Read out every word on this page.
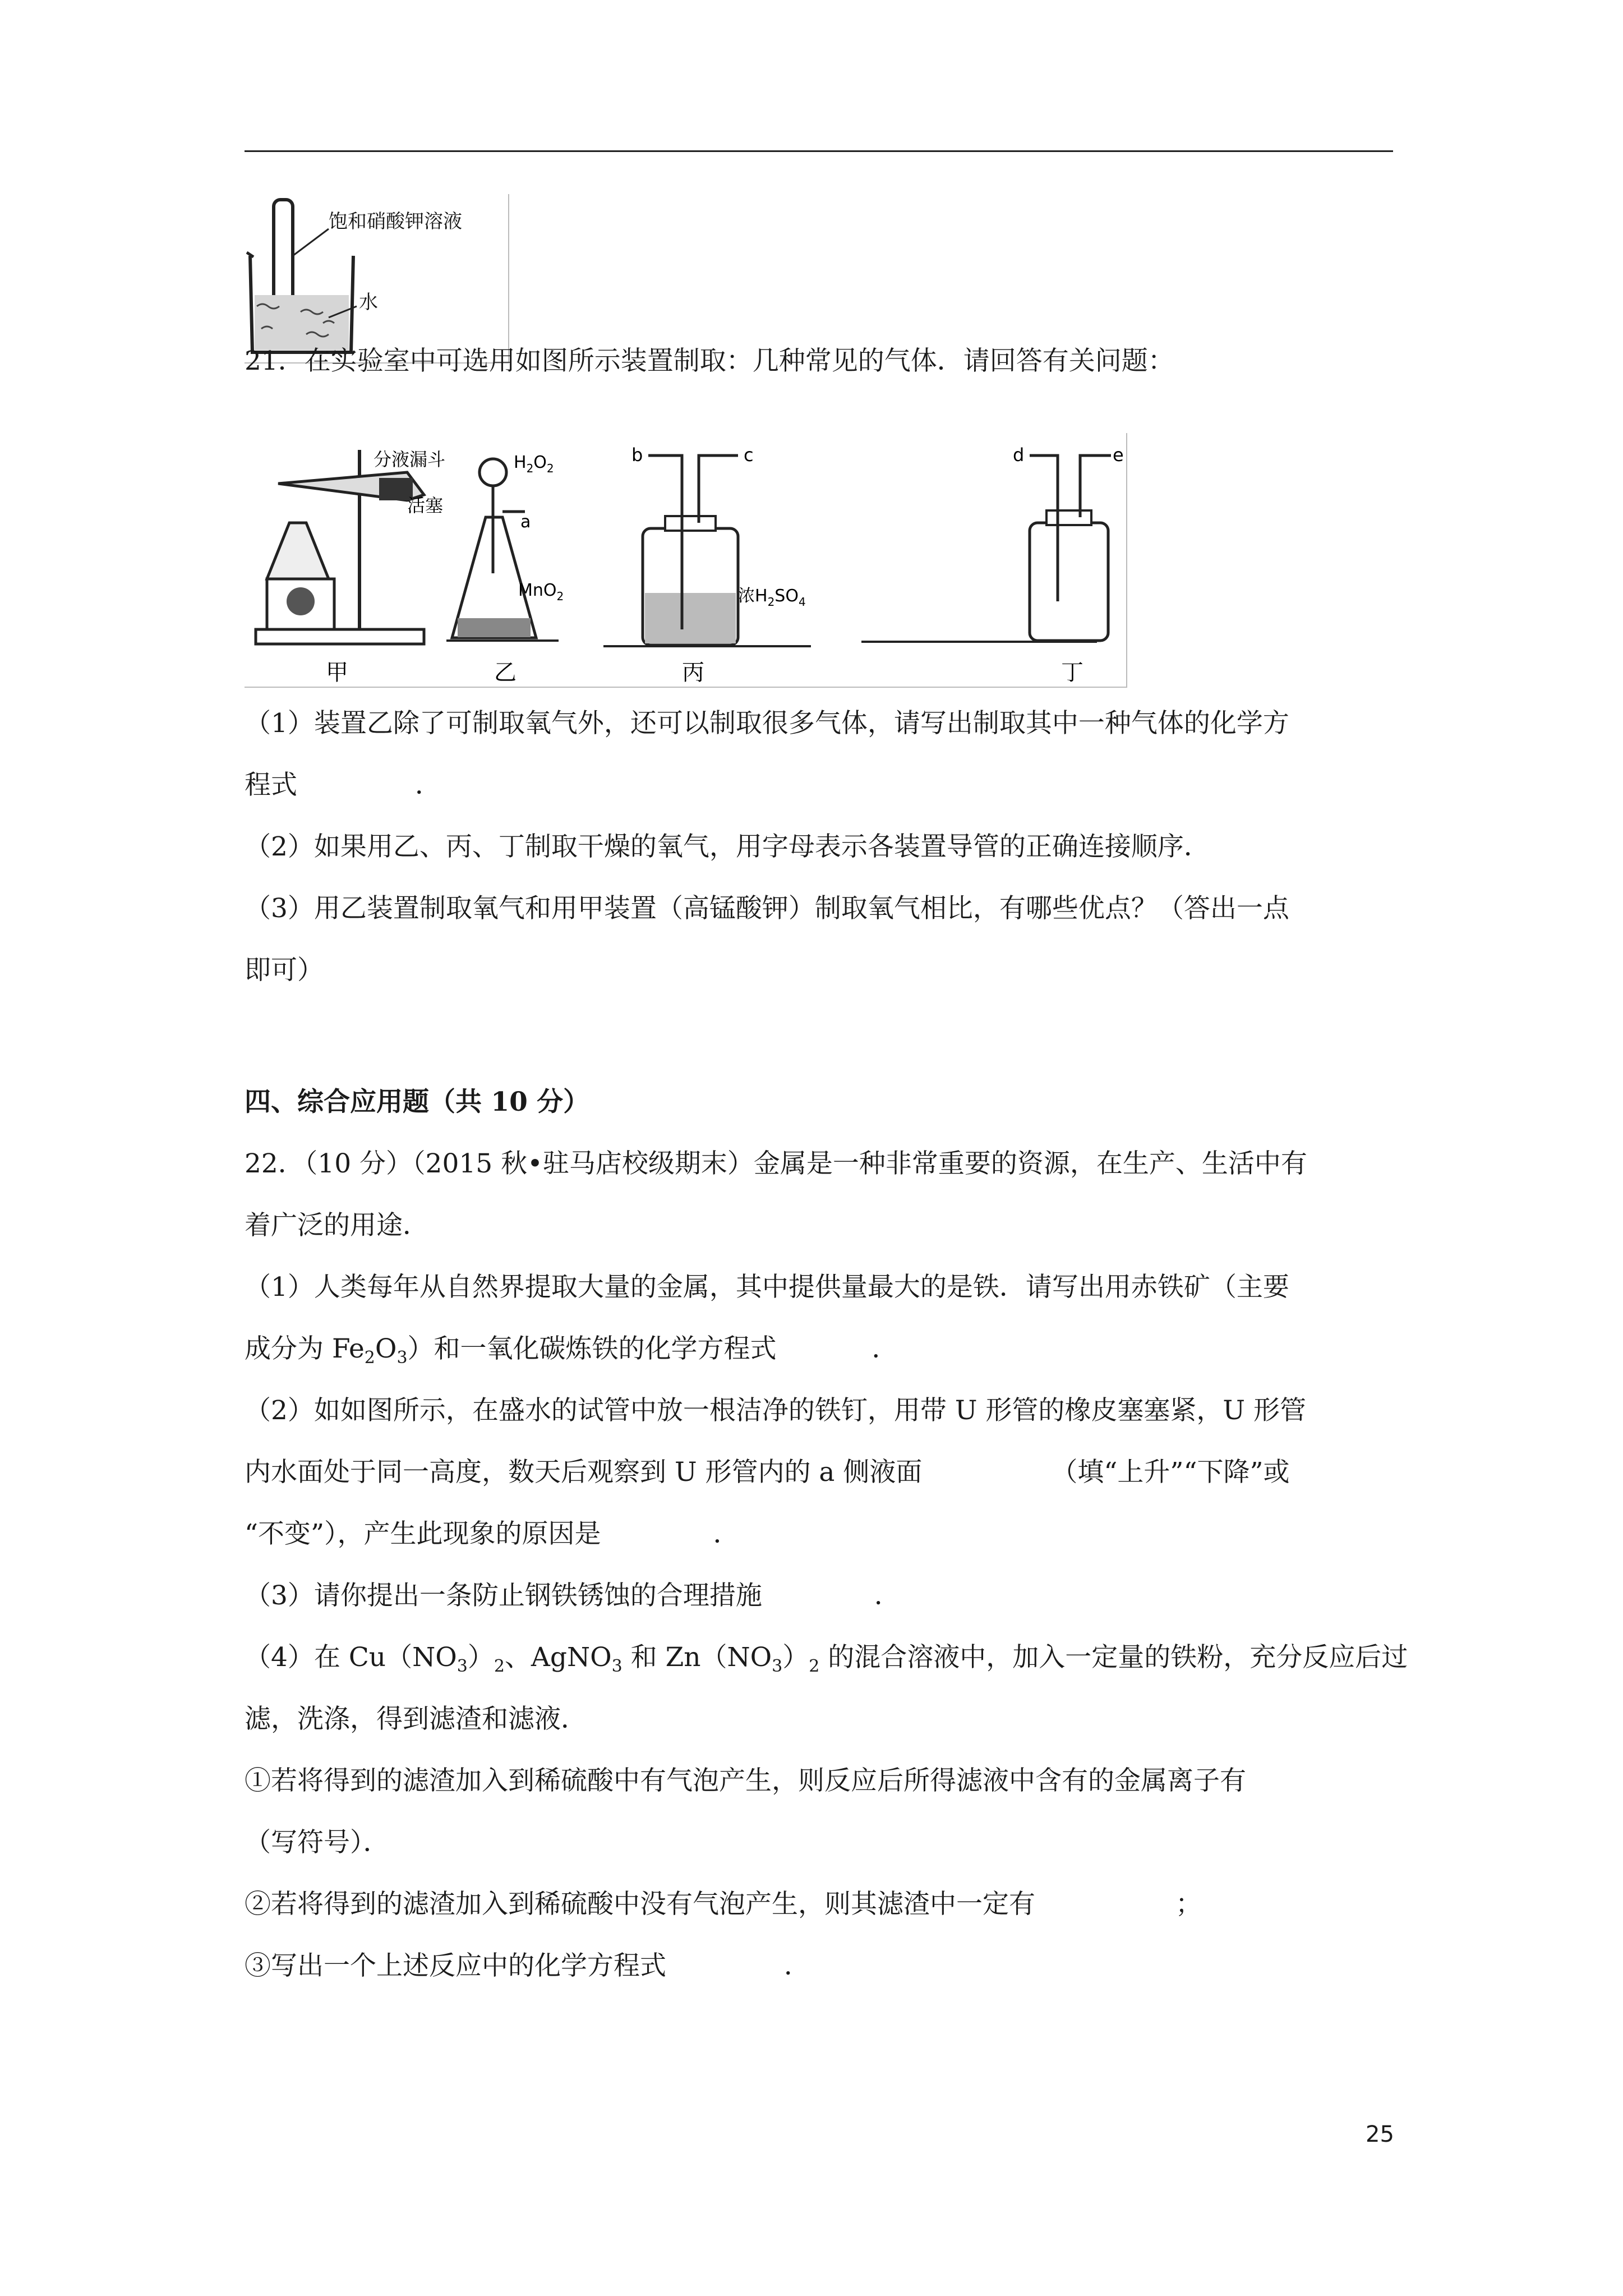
饱和硝酸钾溶液
水
21．在实验室中可选用如图所示装置制取：几种常见的气体．请回答有关问题：
甲
分液漏斗	$H_2O_2$
活塞
a
MnO$_2$
乙
b	c
浓$H_2SO_4$
丙
d	e
丁
（1）装置乙除了可制取氧气外，还可以制取很多气体，请写出制取其中一种气体的化学方
程式	．
（2）如果用乙、丙、丁制取干燥的氧气，用字母表示各装置导管的正确连接顺序．
（3）用乙装置制取氧气和用甲装置（高锰酸钾）制取氧气相比，有哪些优点？（答出一点
即可）
四、综合应用题（共 10 分）
22．（10 分）（2015 秋•驻马店校级期末）金属是一种非常重要的资源，在生产、生活中有
着广泛的用途．
（1）人类每年从自然界提取大量的金属，其中提供量最大的是铁．请写出用赤铁矿（主要
成分为 $Fe_2O_3$）和一氧化碳炼铁的化学方程式	．
（2）如如图所示，在盛水的试管中放一根洁净的铁钉，用带 U 形管的橡皮塞塞紧，U 形管
内水面处于同一高度，数天后观察到 U 形管内的 a 侧液面	（填“上升”“下降”或
“不变”），产生此现象的原因是	．
（3）请你提出一条防止钢铁锈蚀的合理措施	．
（4）在 $Cu(NO_3)_2$、AgNO$_3$ 和 $Zn(NO_3)_2$ 的混合溶液中，加入一定量的铁粉，充分反应后过
滤，洗涤，得到滤渣和滤液．
①若将得到的滤渣加入到稀硫酸中有气泡产生，则反应后所得滤液中含有的金属离子有
（写符号）．
②若将得到的滤渣加入到稀硫酸中没有气泡产生，则其滤渣中一定有	；
③写出一个上述反应中的化学方程式	．
25
